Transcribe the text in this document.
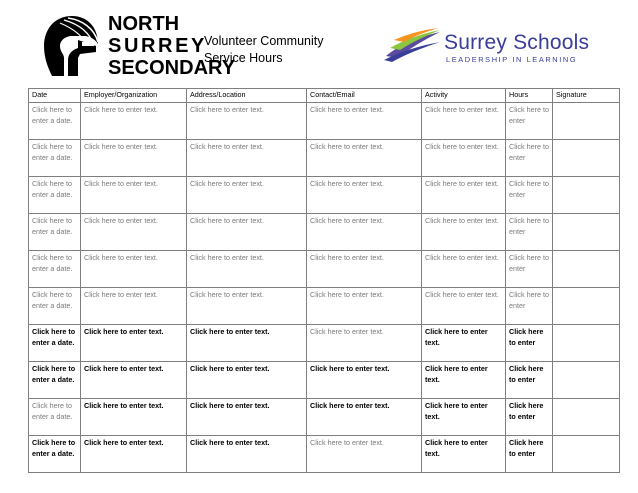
NORTH
SURREY
SECONDARY
Volunteer Community
Service Hours
Surrey Schools
LEADERSHIP IN LEARNING
Date	Employer/Organization	Address/Location	Contact/Email	Activity	Hours	Signature
Click here to enter a date.	Click here to enter text.	Click here to enter text.	Click here to enter text.	Click here to enter text.	Click here to enter	
Click here to enter a date.	Click here to enter text.	Click here to enter text.	Click here to enter text.	Click here to enter text.	Click here to enter	
Click here to enter a date.	Click here to enter text.	Click here to enter text.	Click here to enter text.	Click here to enter text.	Click here to enter	
Click here to enter a date.	Click here to enter text.	Click here to enter text.	Click here to enter text.	Click here to enter text.	Click here to enter	
Click here to enter a date.	Click here to enter text.	Click here to enter text.	Click here to enter text.	Click here to enter text.	Click here to enter	
Click here to enter a date.	Click here to enter text.	Click here to enter text.	Click here to enter text.	Click here to enter text.	Click here to enter	
Click here to enter a date.	Click here to enter text.	Click here to enter text.	Click here to enter text.	Click here to enter text.	Click here to enter	
Click here to enter a date.	Click here to enter text.	Click here to enter text.	Click here to enter text.	Click here to enter text.	Click here to enter	
Click here to enter a date.	Click here to enter text.	Click here to enter text.	Click here to enter text.	Click here to enter text.	Click here to enter	
Click here to enter a date.	Click here to enter text.	Click here to enter text.	Click here to enter text.	Click here to enter text.	Click here to enter	
